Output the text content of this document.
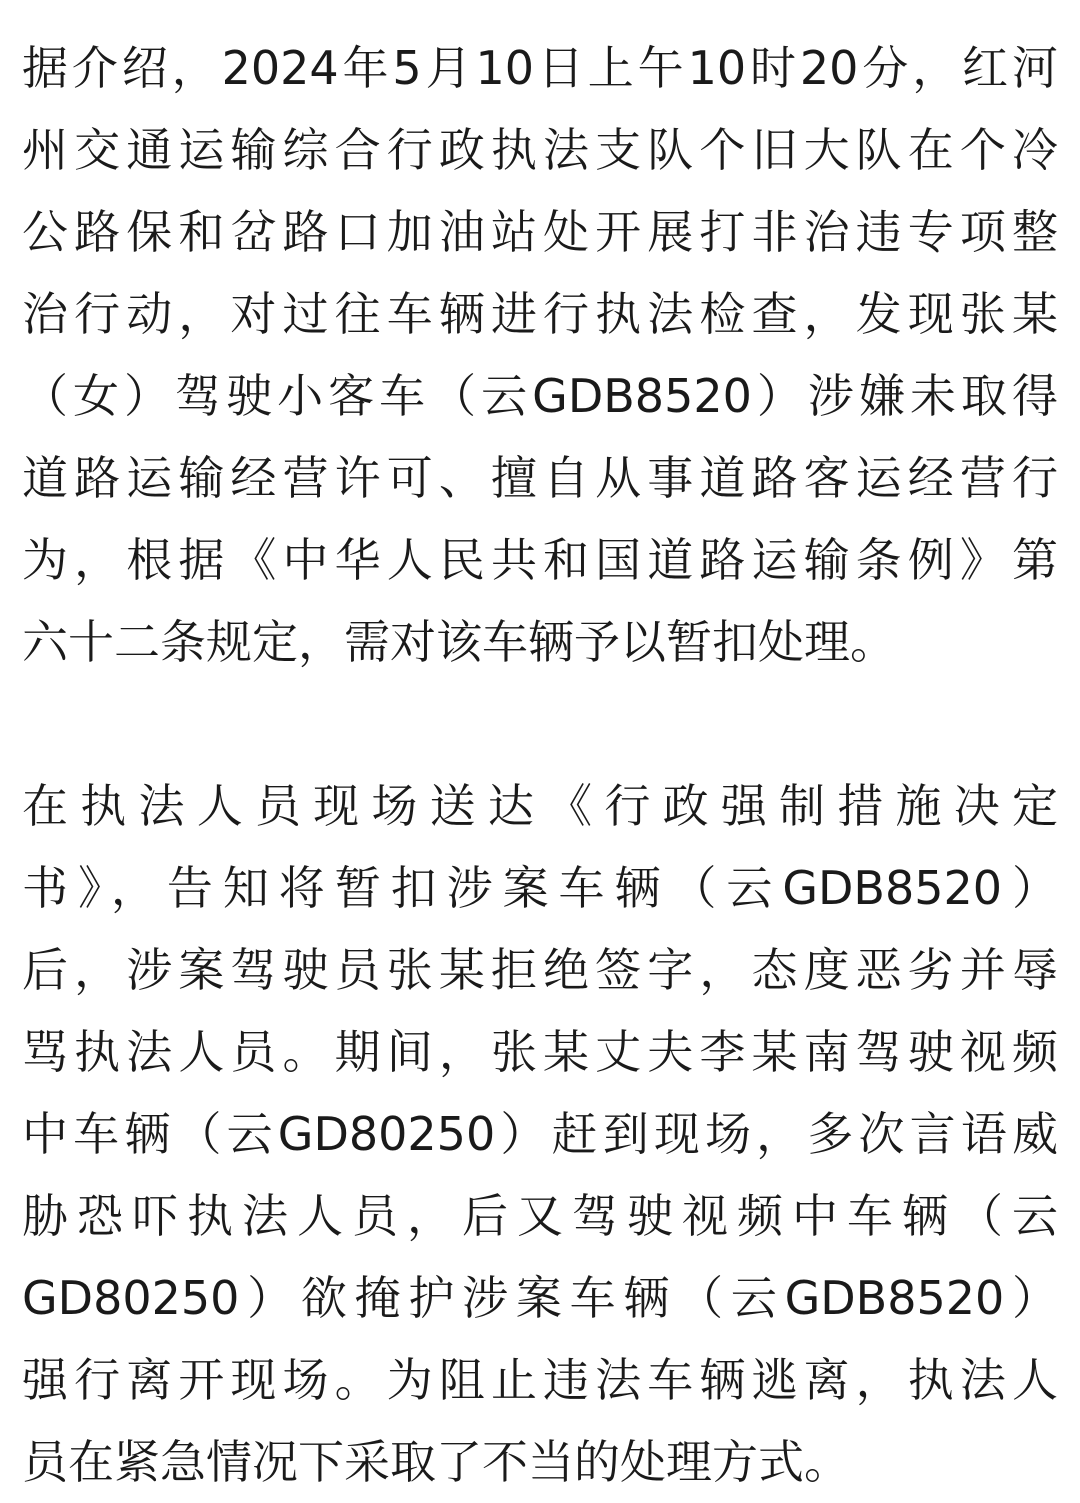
据介绍，2024年5月10日上午10时20分，红河
州交通运输综合行政执法支队个旧大队在个冷
公路保和岔路口加油站处开展打非治违专项整
治行动，对过往车辆进行执法检查，发现张某
（女）驾驶小客车（云GDB8520）涉嫌未取得
道路运输经营许可、擅自从事道路客运经营行
为，根据《中华人民共和国道路运输条例》第
六十二条规定，需对该车辆予以暂扣处理。
在执法人员现场送达《行政强制措施决定
书》，告知将暂扣涉案车辆（云GDB8520）
后，涉案驾驶员张某拒绝签字，态度恶劣并辱
骂执法人员。期间，张某丈夫李某南驾驶视频
中车辆（云GD80250）赶到现场，多次言语威
胁恐吓执法人员，后又驾驶视频中车辆（云
GD80250）欲掩护涉案车辆（云GDB8520）
强行离开现场。为阻止违法车辆逃离，执法人
员在紧急情况下采取了不当的处理方式。
